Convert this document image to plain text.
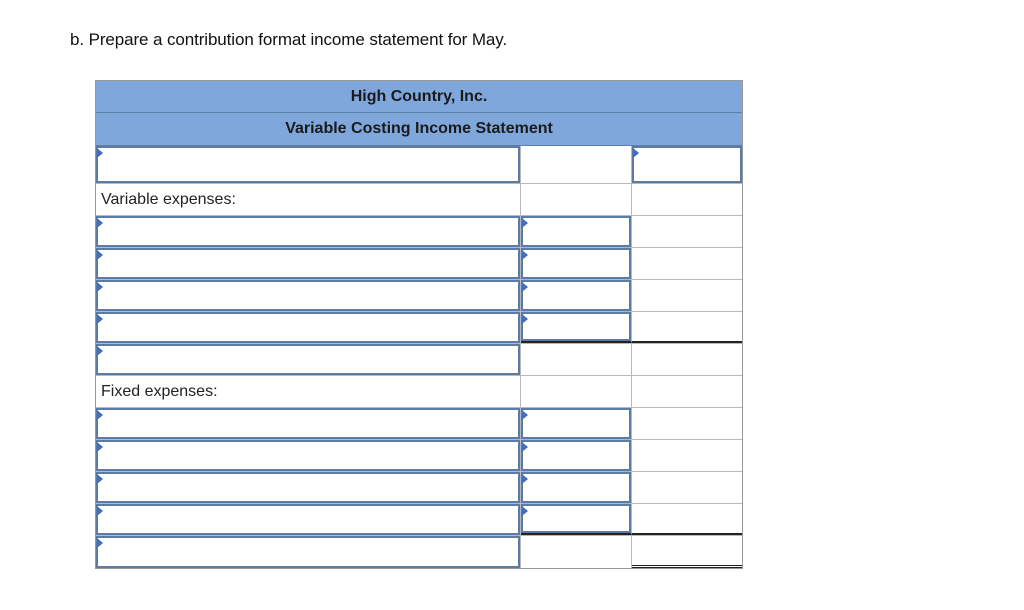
b. Prepare a contribution format income statement for May.
High Country, Inc.
Variable Costing Income Statement
Variable expenses:
Fixed expenses:
